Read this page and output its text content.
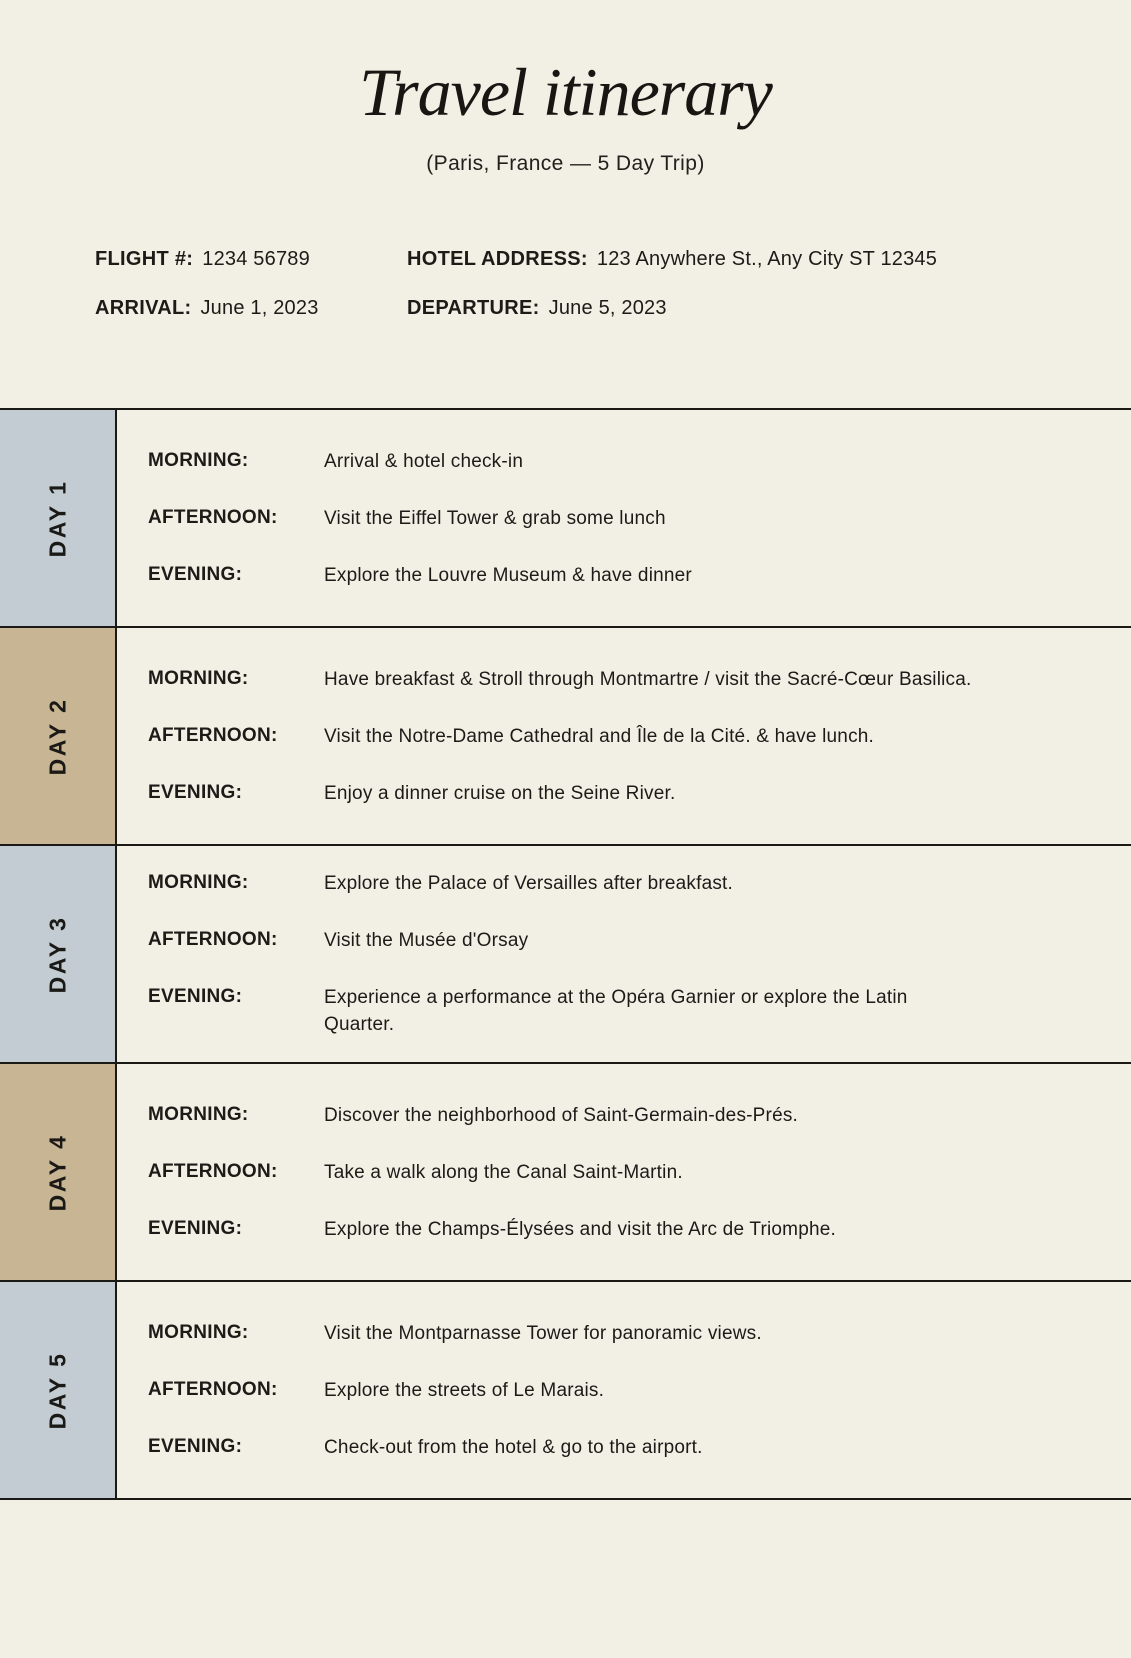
Travel itinerary
(Paris, France — 5 Day Trip)
FLIGHT #: 1234 56789	HOTEL ADDRESS: 123 Anywhere St., Any City ST 12345
ARRIVAL: June 1, 2023	DEPARTURE: June 5, 2023
DAY 1
MORNING:	Arrival & hotel check-in
AFTERNOON:	Visit the Eiffel Tower & grab some lunch
EVENING:	Explore the Louvre Museum & have dinner
DAY 2
MORNING:	Have breakfast & Stroll through Montmartre / visit the Sacré-Cœur Basilica.
AFTERNOON:	Visit the Notre-Dame Cathedral and Île de la Cité. & have lunch.
EVENING:	Enjoy a dinner cruise on the Seine River.
DAY 3
MORNING:	Explore the Palace of Versailles after breakfast.
AFTERNOON:	Visit the Musée d'Orsay
EVENING:	Experience a performance at the Opéra Garnier or explore the Latin Quarter.
DAY 4
MORNING:	Discover the neighborhood of Saint-Germain-des-Prés.
AFTERNOON:	Take a walk along the Canal Saint-Martin.
EVENING:	Explore the Champs-Élysées and visit the Arc de Triomphe.
DAY 5
MORNING:	Visit the Montparnasse Tower for panoramic views.
AFTERNOON:	Explore the streets of Le Marais.
EVENING:	Check-out from the hotel & go to the airport.
